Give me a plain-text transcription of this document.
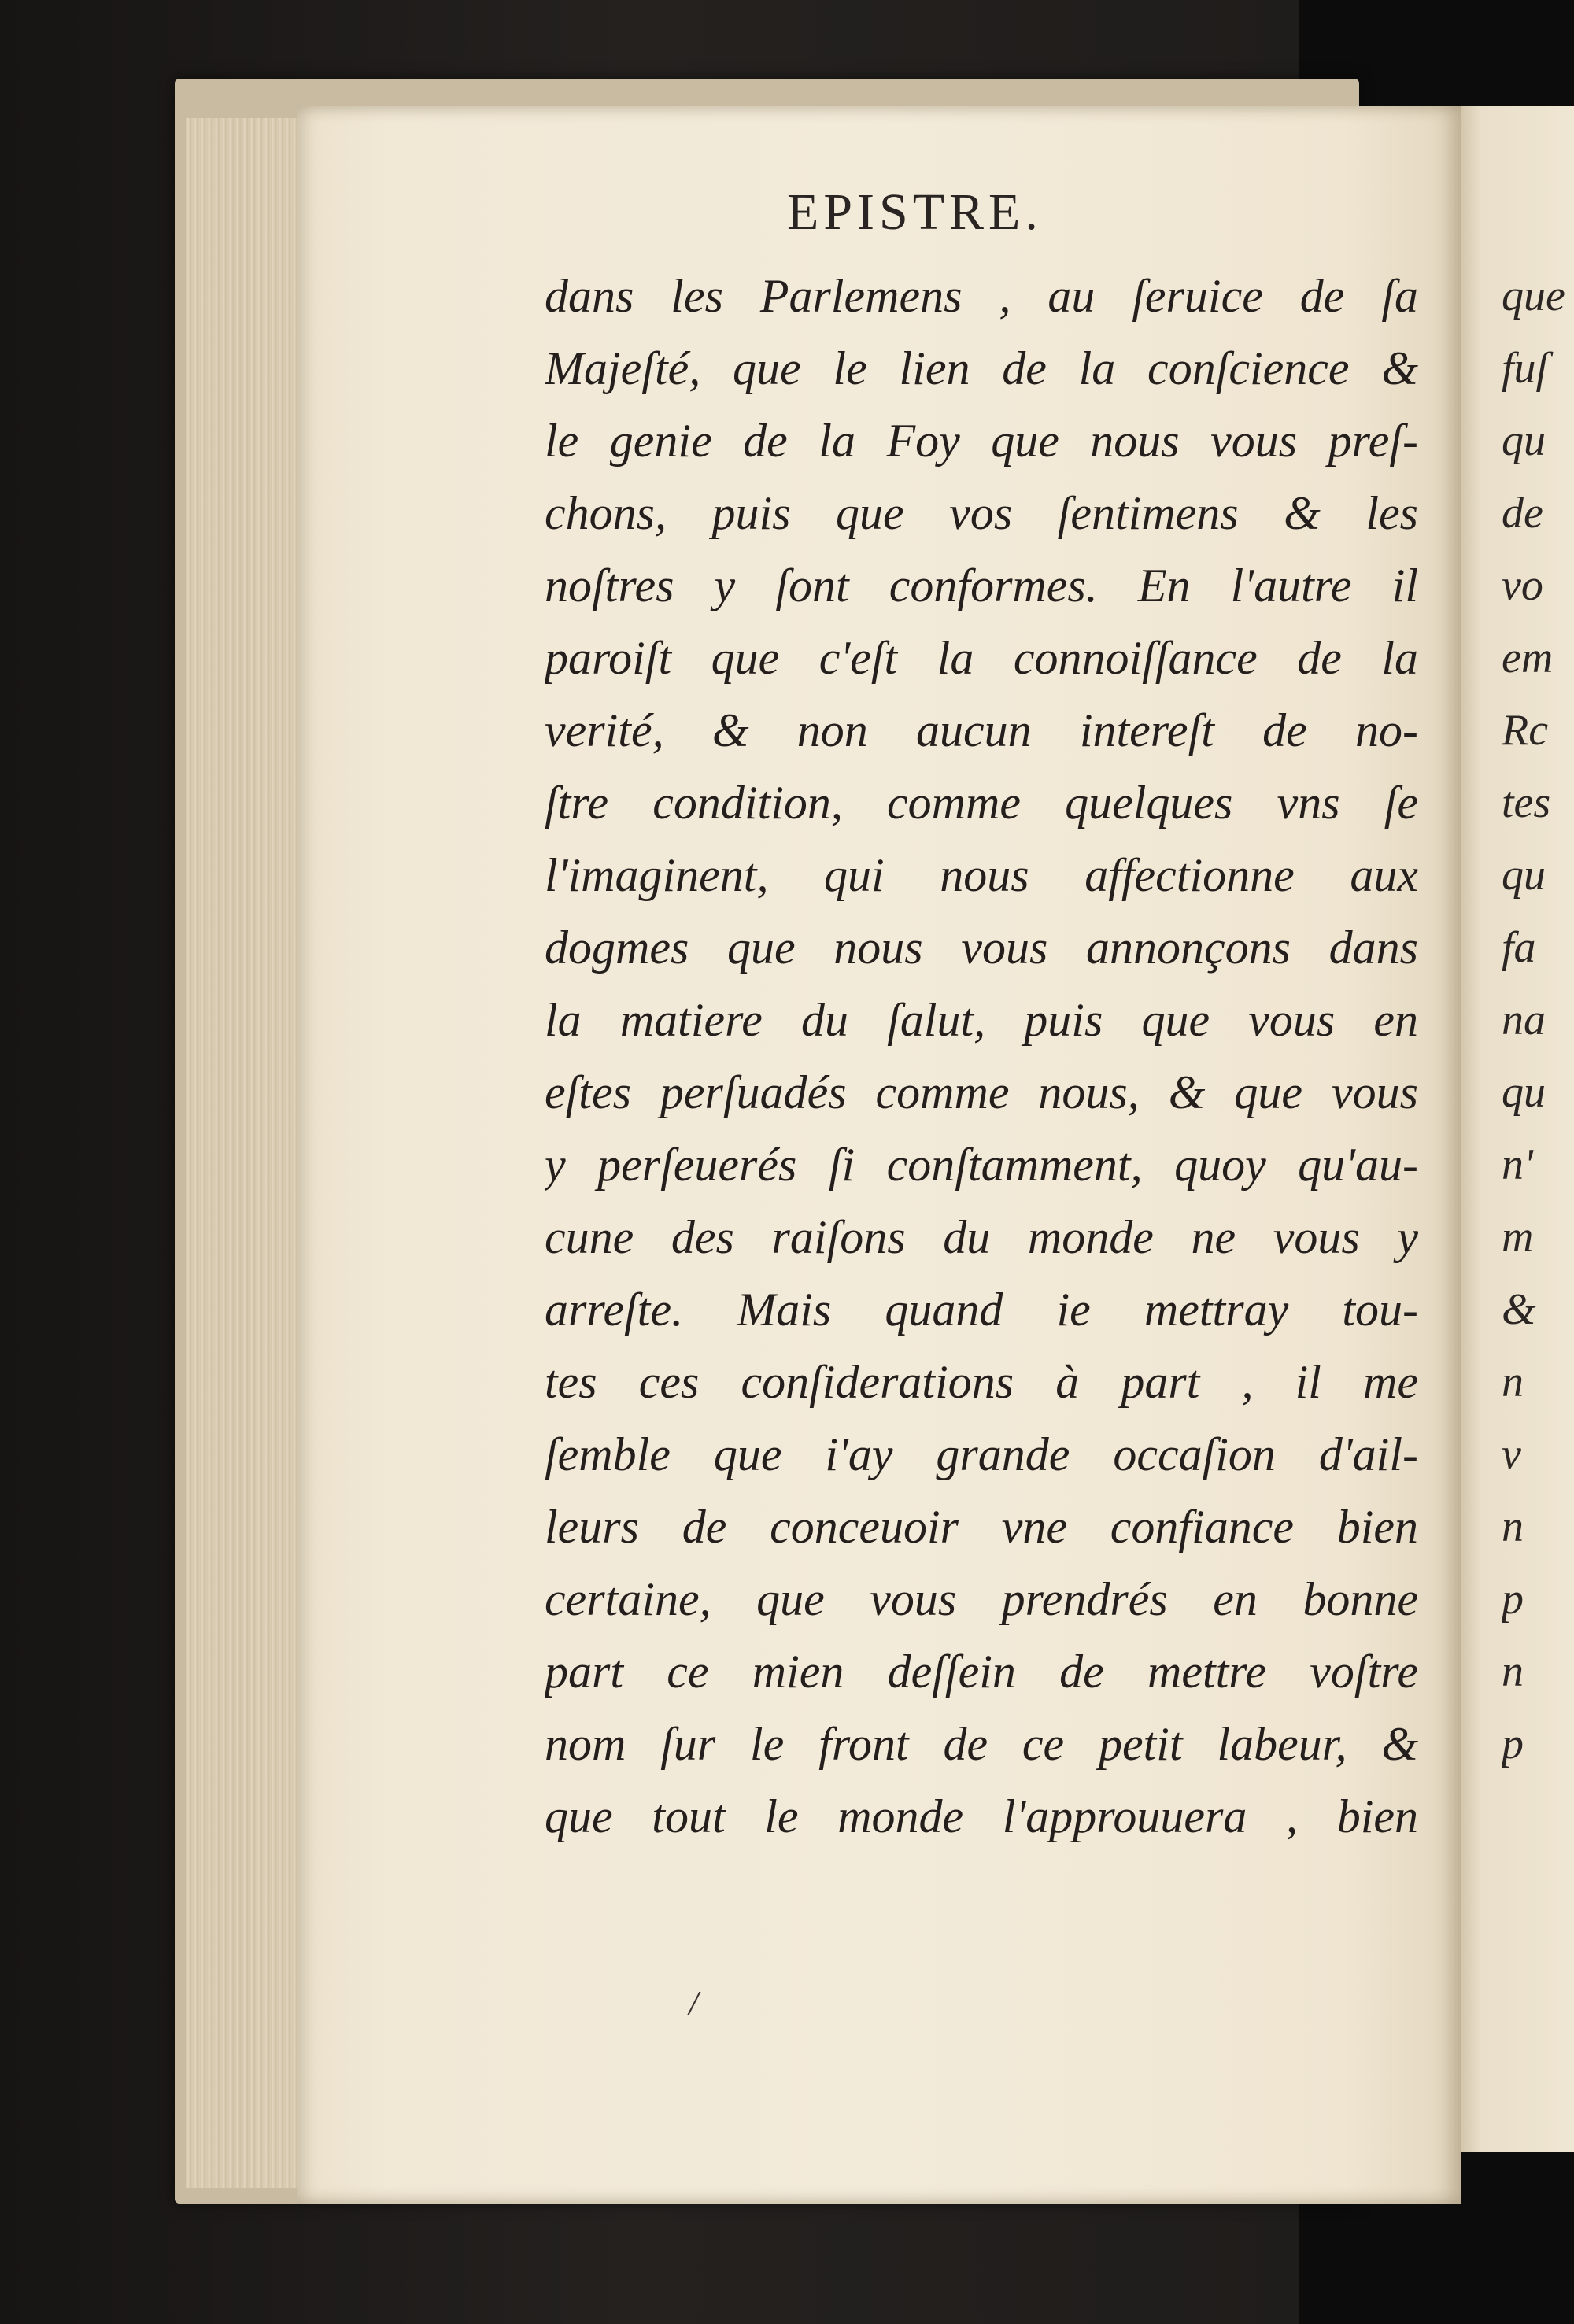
que
fuſ
qu
de
vo
em
Rc
tes
qu
fa
na
qu
n'
m
&
n
v
n
p
n
p
EPISTRE.
dans les Parlemens , au ſeruice de ſa
Majeſté, que le lien de la conſcience &
le genie de la Foy que nous vous preſ-
chons, puis que vos ſentimens & les
noſtres y ſont conformes. En l'autre il
paroiſt que c'eſt la connoiſſance de la
verité, & non aucun intereſt de no-
ſtre condition, comme quelques vns ſe
l'imaginent, qui nous affectionne aux
dogmes que nous vous annonçons dans
la matiere du ſalut, puis que vous en
eſtes perſuadés comme nous, & que vous
y perſeuerés ſi conſtamment, quoy qu'au-
cune des raiſons du monde ne vous y
arreſte. Mais quand ie mettray tou-
tes ces conſiderations à part , il me
ſemble que i'ay grande occaſion d'ail-
leurs de conceuoir vne confiance bien
certaine, que vous prendrés en bonne
part ce mien deſſein de mettre voſtre
nom ſur le front de ce petit labeur, &
que tout le monde l'approuuera , bien
/
